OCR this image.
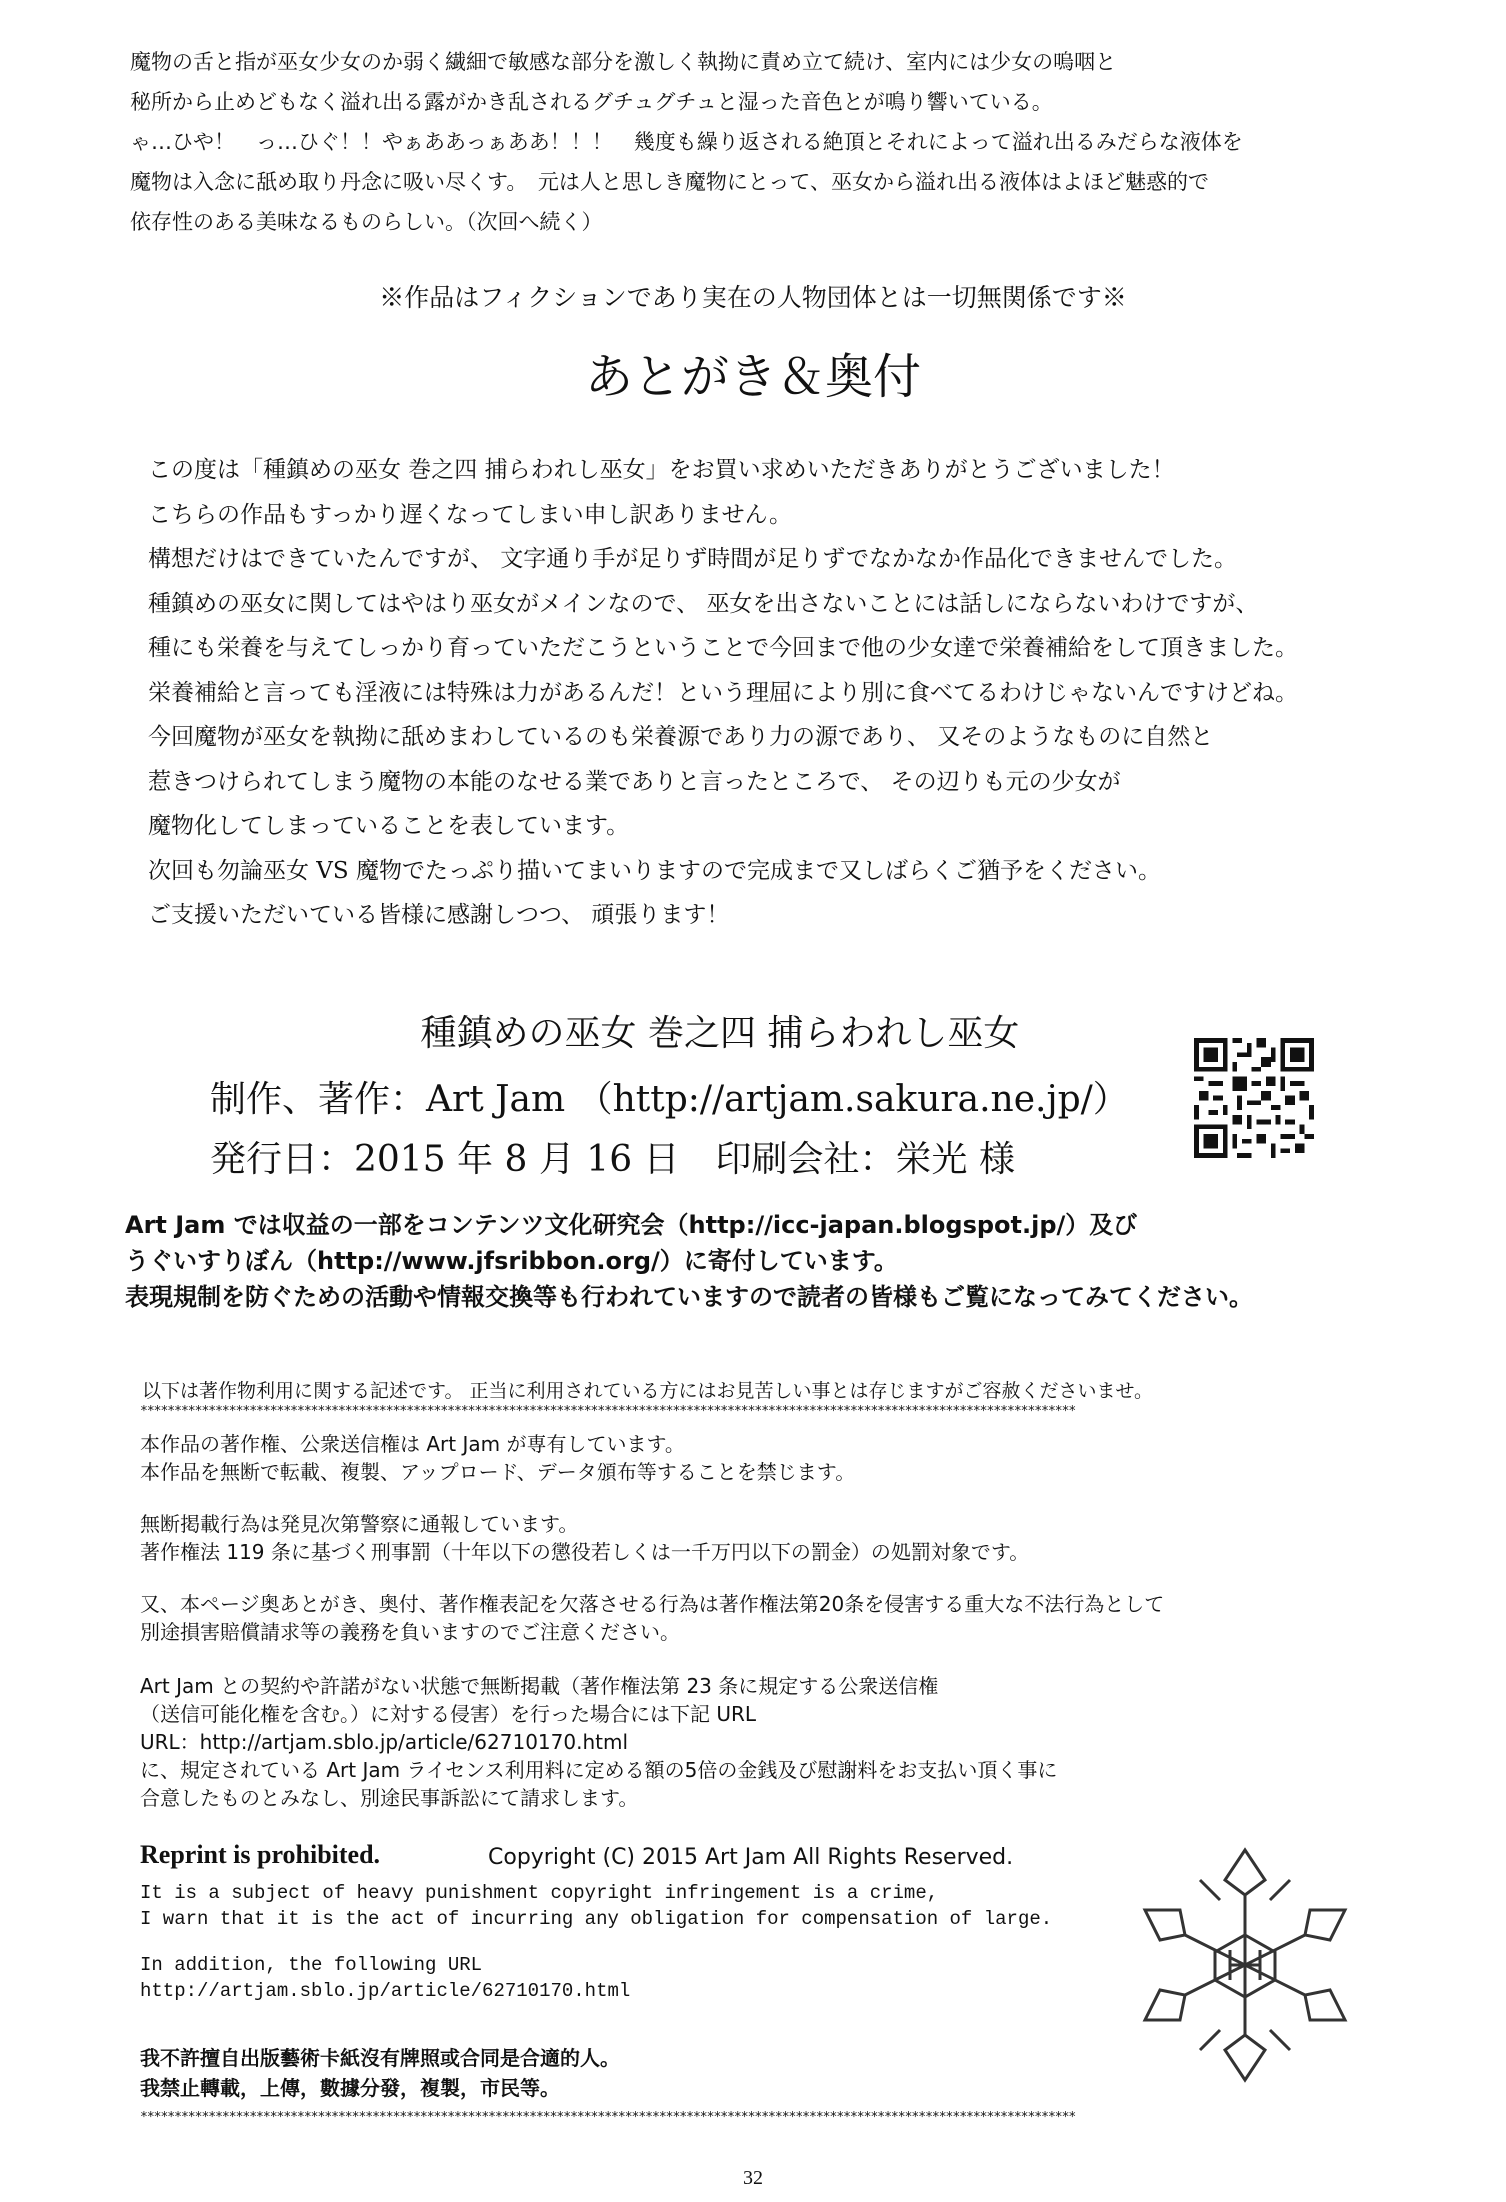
魔物の舌と指が巫女少女のか弱く繊細で敏感な部分を激しく執拗に責め立て続け、室内には少女の嗚咽と
秘所から止めどもなく溢れ出る露がかき乱されるグチュグチュと湿った音色とが鳴り響いている。
ゃ…ひや！　っ…ひぐ！！やぁああっぁああ！！！　幾度も繰り返される絶頂とそれによって溢れ出るみだらな液体を
魔物は入念に舐め取り丹念に吸い尽くす。　元は人と思しき魔物にとって、巫女から溢れ出る液体はよほど魅惑的で
依存性のある美味なるものらしい。（次回へ続く）
※作品はフィクションであり実在の人物団体とは一切無関係です※
あとがき＆奥付
この度は「種鎮めの巫女 巻之四 捕らわれし巫女」をお買い求めいただきありがとうございました！
こちらの作品もすっかり遅くなってしまい申し訳ありません。
構想だけはできていたんですが、 文字通り手が足りず時間が足りずでなかなか作品化できませんでした。
種鎮めの巫女に関してはやはり巫女がメインなので、 巫女を出さないことには話しにならないわけですが、
種にも栄養を与えてしっかり育っていただこうということで今回まで他の少女達で栄養補給をして頂きました。
栄養補給と言っても淫液には特殊は力があるんだ！という理屈により別に食べてるわけじゃないんですけどね。
今回魔物が巫女を執拗に舐めまわしているのも栄養源であり力の源であり、 又そのようなものに自然と
惹きつけられてしまう魔物の本能のなせる業でありと言ったところで、 その辺りも元の少女が
魔物化してしまっていることを表しています。
次回も勿論巫女 VS 魔物でたっぷり描いてまいりますので完成まで又しばらくご猶予をください。
ご支援いただいている皆様に感謝しつつ、 頑張ります！
種鎮めの巫女 巻之四 捕らわれし巫女
制作、著作：Art Jam （http://artjam.sakura.ne.jp/）
発行日：2015 年 8 月 16 日　印刷会社：栄光 様
Art Jam では収益の一部をコンテンツ文化研究会（http://icc-japan.blogspot.jp/）及び
うぐいすりぼん（http://www.jfsribbon.org/）に寄付しています。
表現規制を防ぐための活動や情報交換等も行われていますので読者の皆様もご覧になってみてください。
以下は著作物利用に関する記述です。 正当に利用されている方にはお見苦しい事とは存じますがご容赦くださいませ。
*****************************************************************************************************************************************
本作品の著作権、公衆送信権は Art Jam が専有しています。
本作品を無断で転載、複製、アップロード、データ頒布等することを禁じます。
無断掲載行為は発見次第警察に通報しています。
著作権法 119 条に基づく刑事罰（十年以下の懲役若しくは一千万円以下の罰金）の処罰対象です。
又、本ページ奥あとがき、奥付、著作権表記を欠落させる行為は著作権法第20条を侵害する重大な不法行為として
別途損害賠償請求等の義務を負いますのでご注意ください。
Art Jam との契約や許諾がない状態で無断掲載（著作権法第 23 条に規定する公衆送信権
（送信可能化権を含む。）に対する侵害）を行った場合には下記 URL
URL：http://artjam.sblo.jp/article/62710170.html
に、規定されている Art Jam ライセンス利用料に定める額の5倍の金銭及び慰謝料をお支払い頂く事に
合意したものとみなし、別途民事訴訟にて請求します。
Reprint is prohibited.	Copyright (C) 2015 Art Jam All Rights Reserved.
It is a subject of heavy punishment copyright infringement is a crime,
I warn that it is the act of incurring any obligation for compensation of large.
In addition, the following URL
http://artjam.sblo.jp/article/62710170.html
我不許擅自出版藝術卡紙沒有牌照或合同是合適的人。
我禁止轉載，上傳，數據分發，複製，市民等。
*****************************************************************************************************************************************
32
